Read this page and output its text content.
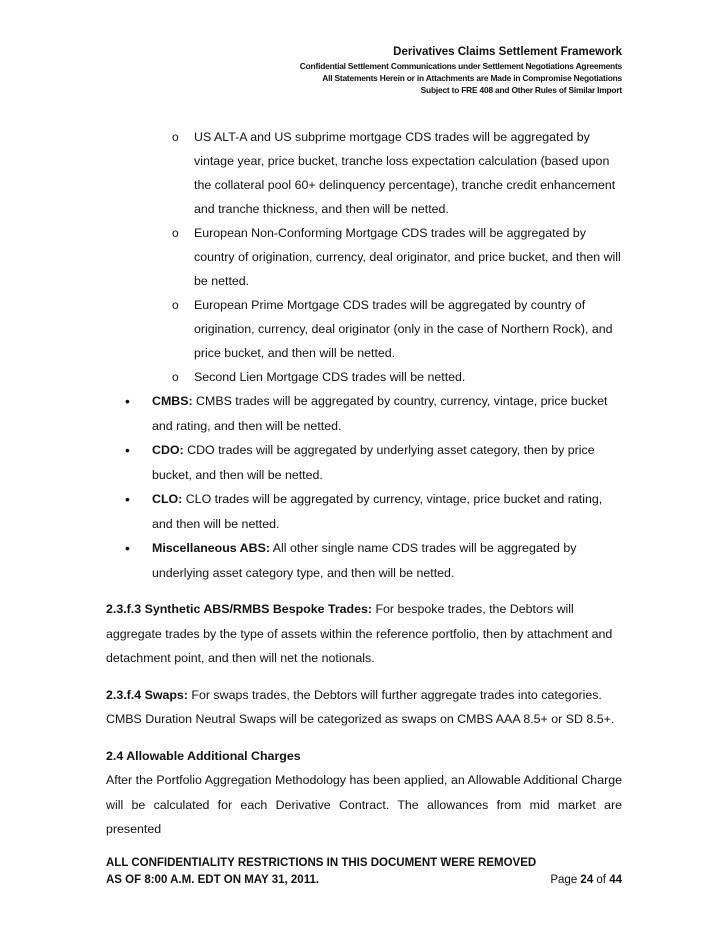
Derivatives Claims Settlement Framework
Confidential Settlement Communications under Settlement Negotiations Agreements
All Statements Herein or in Attachments are Made in Compromise Negotiations
Subject to FRE 408 and Other Rules of Similar Import
o US ALT-A and US subprime mortgage CDS trades will be aggregated by vintage year, price bucket, tranche loss expectation calculation (based upon the collateral pool 60+ delinquency percentage), tranche credit enhancement and tranche thickness, and then will be netted.
o European Non-Conforming Mortgage CDS trades will be aggregated by country of origination, currency, deal originator, and price bucket, and then will be netted.
o European Prime Mortgage CDS trades will be aggregated by country of origination, currency, deal originator (only in the case of Northern Rock), and price bucket, and then will be netted.
o Second Lien Mortgage CDS trades will be netted.
• CMBS: CMBS trades will be aggregated by country, currency, vintage, price bucket and rating, and then will be netted.
• CDO: CDO trades will be aggregated by underlying asset category, then by price bucket, and then will be netted.
• CLO: CLO trades will be aggregated by currency, vintage, price bucket and rating, and then will be netted.
• Miscellaneous ABS: All other single name CDS trades will be aggregated by underlying asset category type, and then will be netted.

2.3.f.3 Synthetic ABS/RMBS Bespoke Trades: For bespoke trades, the Debtors will aggregate trades by the type of assets within the reference portfolio, then by attachment and detachment point, and then will net the notionals.

2.3.f.4 Swaps: For swaps trades, the Debtors will further aggregate trades into categories. CMBS Duration Neutral Swaps will be categorized as swaps on CMBS AAA 8.5+ or SD 8.5+.

2.4 Allowable Additional Charges

After the Portfolio Aggregation Methodology has been applied, an Allowable Additional Charge will be calculated for each Derivative Contract. The allowances from mid market are presented

ALL CONFIDENTIALITY RESTRICTIONS IN THIS DOCUMENT WERE REMOVED
AS OF 8:00 A.M. EDT ON MAY 31, 2011.	Page 24 of 44
